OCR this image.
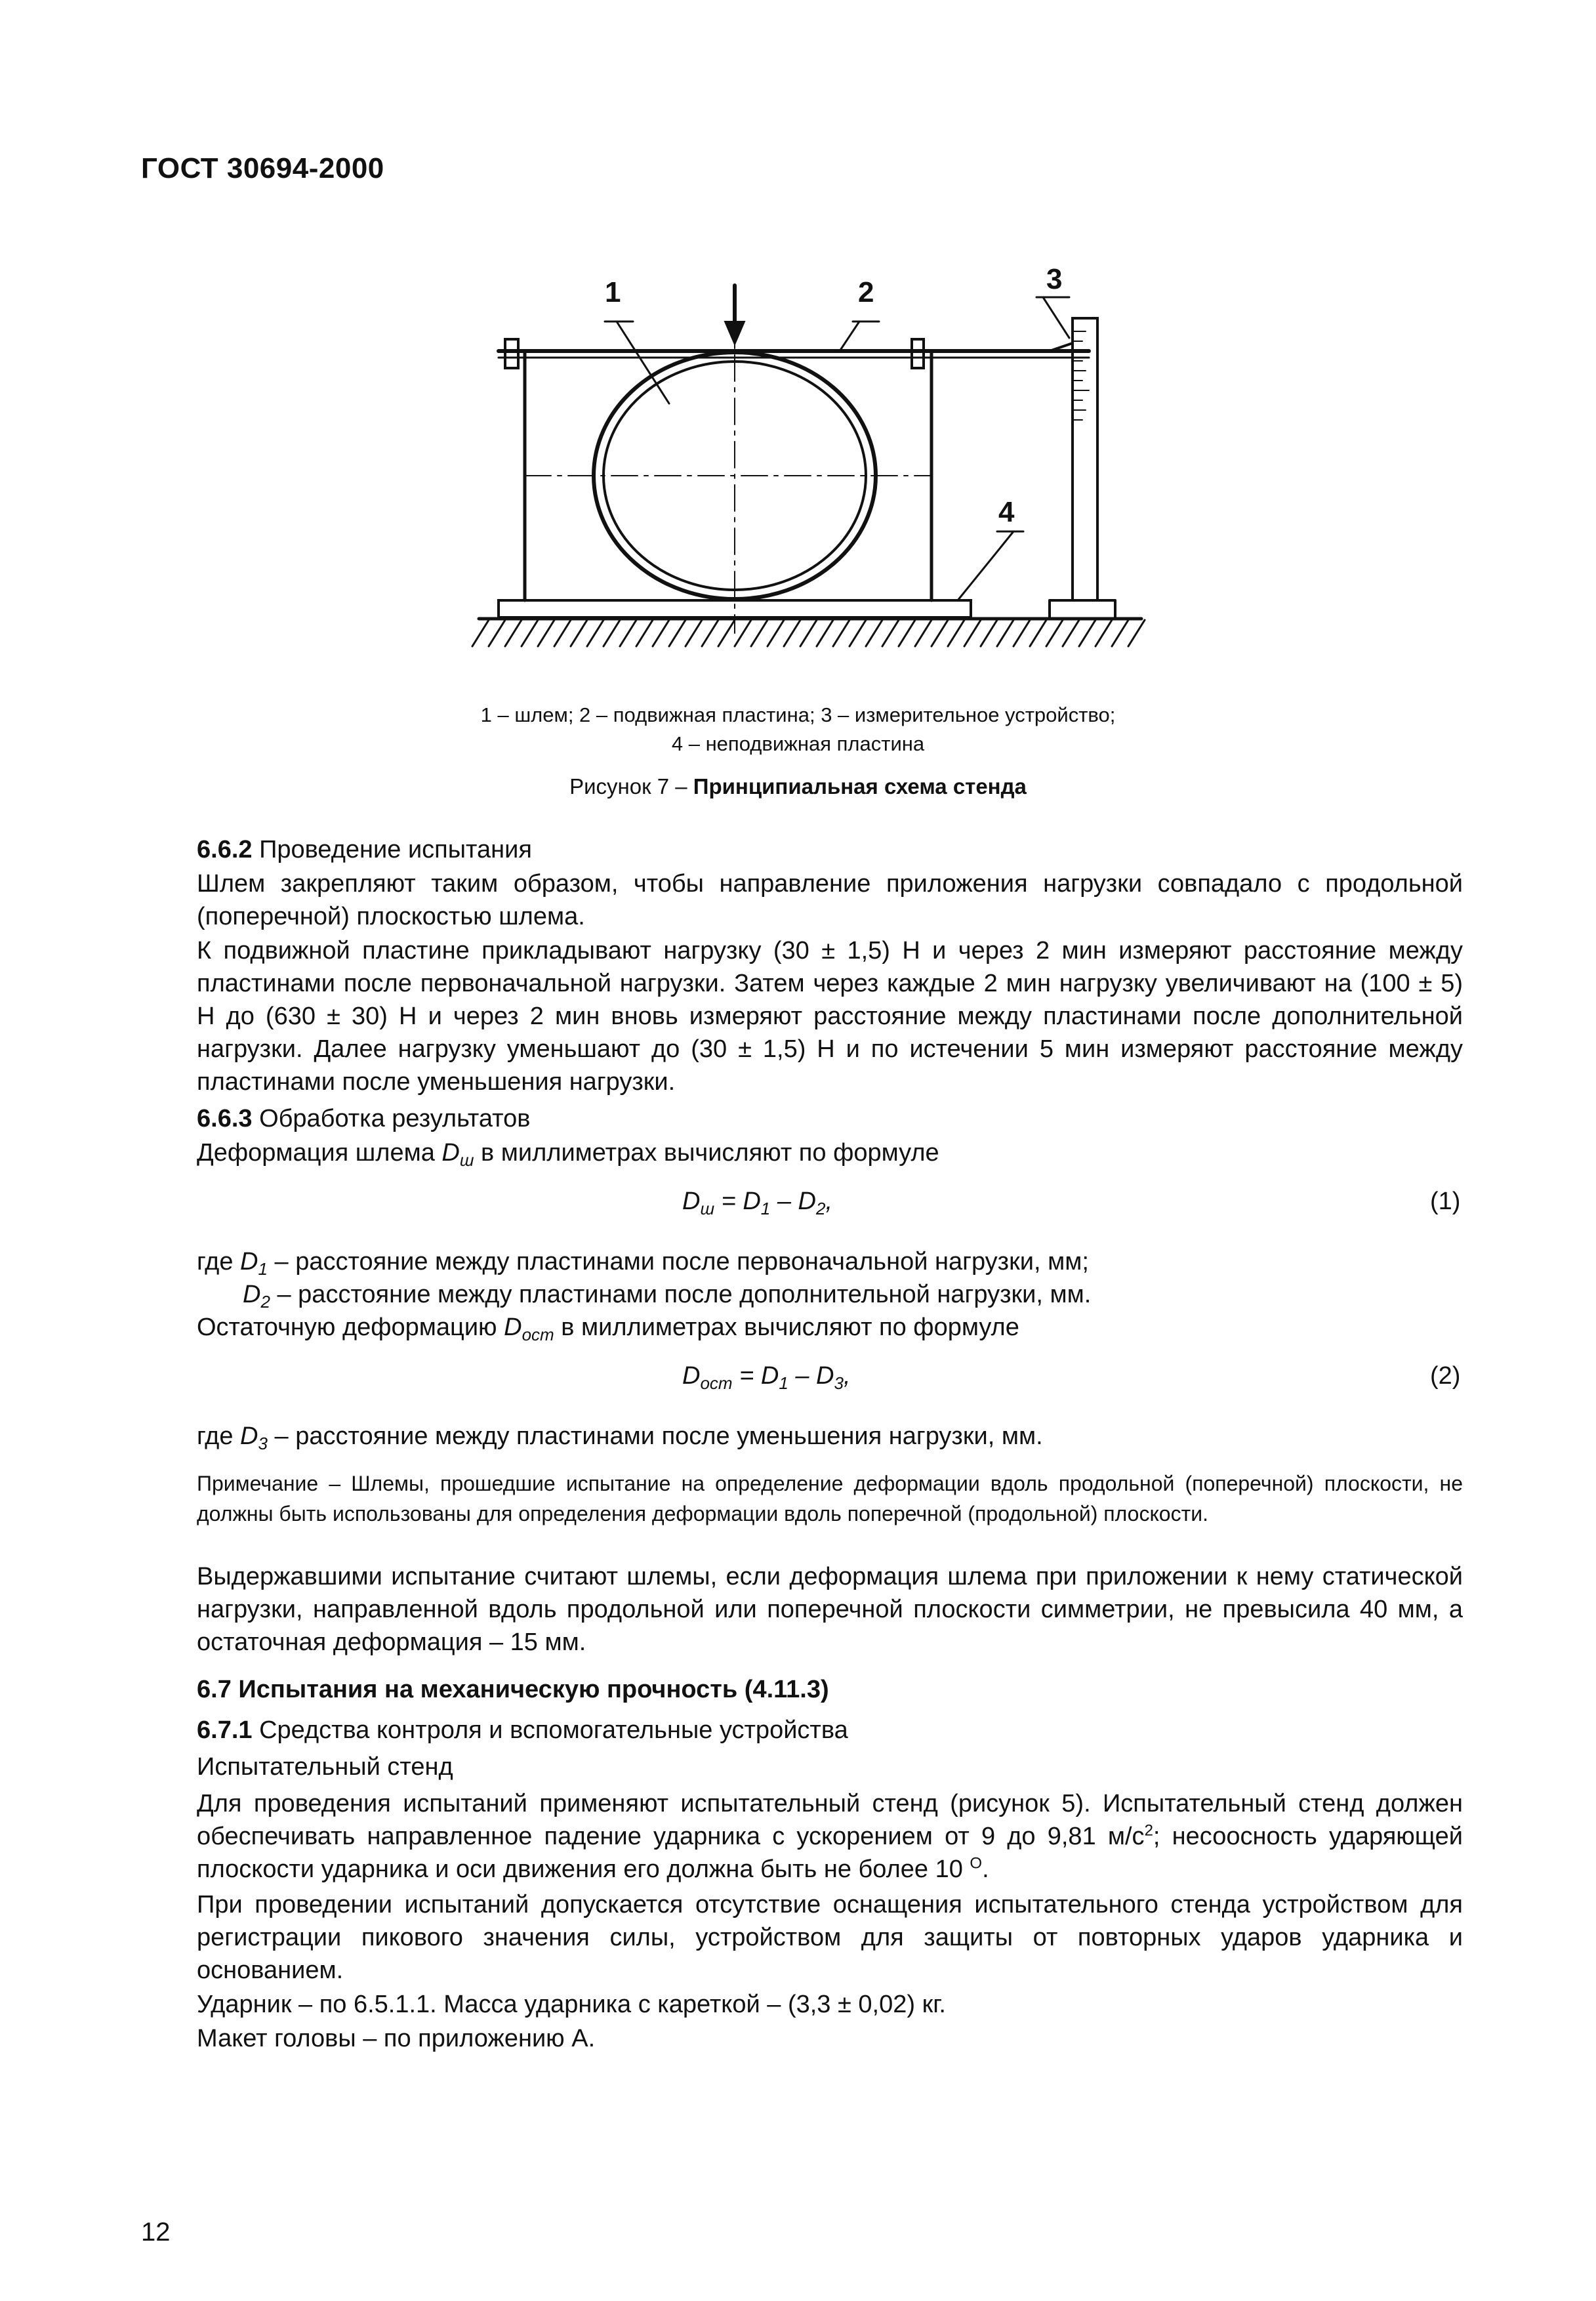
ГОСТ 30694-2000
1	2	3
4
1 – шлем; 2 – подвижная пластина; 3 – измерительное устройство;
4 – неподвижная пластина
Рисунок 7 – Принципиальная схема стенда
6.6.2 Проведение испытания
Шлем закрепляют таким образом, чтобы направление приложения нагрузки совпадало с продольной (поперечной) плоскостью шлема.
К подвижной пластине прикладывают нагрузку (30 ± 1,5) Н и через 2 мин измеряют расстояние между пластинами после первоначальной нагрузки. Затем через каждые 2 мин нагрузку увеличивают на (100 ± 5) Н до (630 ± 30) Н и через 2 мин вновь измеряют расстояние между пластинами после дополнительной нагрузки. Далее нагрузку уменьшают до (30 ± 1,5) Н и по истечении 5 мин измеряют расстояние между пластинами после уменьшения нагрузки.
6.6.3 Обработка результатов
Деформация шлема $D_ш$ в миллиметрах вычисляют по формуле
$D_ш = D_1 - D_2$,	(1)
где $D_1$ – расстояние между пластинами после первоначальной нагрузки, мм;
$D_2$ – расстояние между пластинами после дополнительной нагрузки, мм.
Остаточную деформацию $D_{ост}$ в миллиметрах вычисляют по формуле
$D_{ост} = D_1 - D_3$,	(2)
где $D_3$ – расстояние между пластинами после уменьшения нагрузки, мм.
Примечание – Шлемы, прошедшие испытание на определение деформации вдоль продольной (поперечной) плоскости, не должны быть использованы для определения деформации вдоль поперечной (продольной) плоскости.
Выдержавшими испытание считают шлемы, если деформация шлема при приложении к нему статической нагрузки, направленной вдоль продольной или поперечной плоскости симметрии, не превысила 40 мм, а остаточная деформация – 15 мм.
6.7 Испытания на механическую прочность (4.11.3)
6.7.1 Средства контроля и вспомогательные устройства
Испытательный стенд
Для проведения испытаний применяют испытательный стенд (рисунок 5). Испытательный стенд должен обеспечивать направленное падение ударника с ускорением от 9 до 9,81 $м/с^2$; несоосность ударяющей плоскости ударника и оси движения его должна быть не более 10 $^О$.
При проведении испытаний допускается отсутствие оснащения испытательного стенда устройством для регистрации пикового значения силы, устройством для защиты от повторных ударов ударника и основанием.
Ударник – по 6.5.1.1. Масса ударника с кареткой – (3,3 ± 0,02) кг.
Макет головы – по приложению А.
12
